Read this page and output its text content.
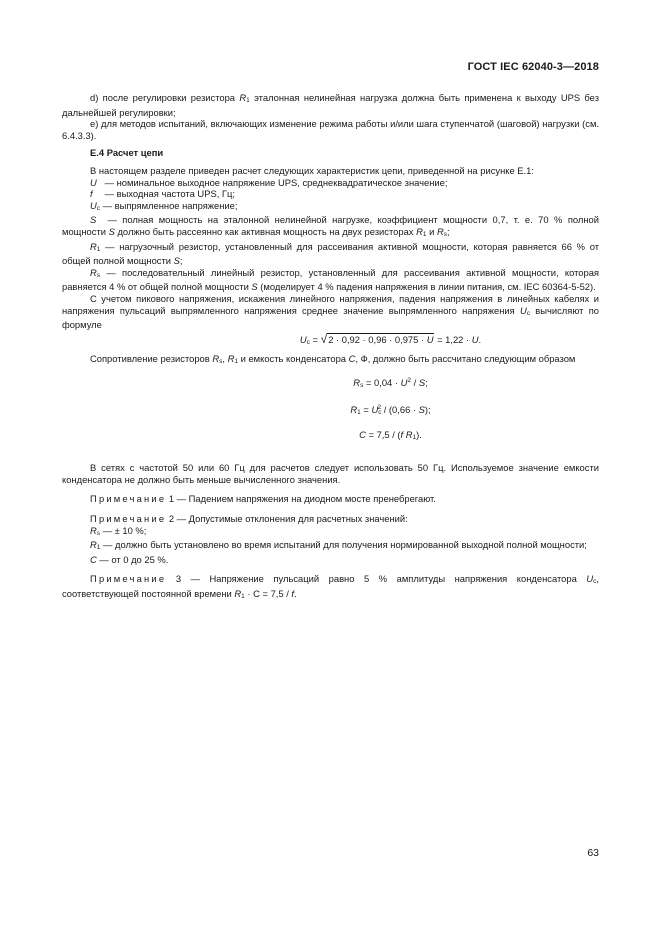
ГОСТ IEC 62040-3—2018

d) после регулировки резистора R1 эталонная нелинейная нагрузка должна быть применена к выходу UPS без дальнейшей регулировки;

е) для методов испытаний, включающих изменение режима работы и/или шага ступенчатой (шаговой) нагрузки (см. 6.4.3.3).

E.4 Расчет цепи

В настоящем разделе приведен расчет следующих характеристик цепи, приведенной на рисунке Е.1:

U — номинальное выходное напряжение UPS, среднеквадратическое значение;

f — выходная частота UPS, Гц;

Uc — выпрямленное напряжение;

S — полная мощность на эталонной нелинейной нагрузке, коэффициент мощности 0,7, т. е. 70 % полной мощности S должно быть рассеянно как активная мощность на двух резисторах R1 и Rs;

R1 — нагрузочный резистор, установленный для рассеивания активной мощности, которая равняется 66 % от общей полной мощности S;

Rs — последовательный линейный резистор, установленный для рассеивания активной мощности, которая равняется 4 % от общей полной мощности S (моделирует 4 % падения напряжения в линии питания, см. IEC 60364-5-52).

С учетом пикового напряжения, искажения линейного напряжения, падения напряжения в линейных кабелях и напряжения пульсаций выпрямленного напряжения среднее значение выпрямленного напряжения Uc вычисляют по формуле

Uc = √2 · 0,92 · 0,96 · 0,975 · U = 1,22 · U.

Сопротивление резисторов Rs, R1 и емкость конденсатора C, Ф, должно быть рассчитано следующим образом

$Rs = 0,04 \cdot U^2 / S$;
$R1 = Uc^2 / (0,66 \cdot S)$;
C = 7,5 / (f R1).

В сетях с частотой 50 или 60 Гц для расчетов следует использовать 50 Гц. Используемое значение емкости конденсатора не должно быть меньше вычисленного значения.

Примечание 1 — Падением напряжения на диодном мосте пренебрегают.

Примечание 2 — Допустимые отклонения для расчетных значений:

Rs — ± 10 %;

R1 — должно быть установлено во время испытаний для получения нормированной выходной полной мощности;

C — от 0 до 25 %.

Примечание 3 — Напряжение пульсаций равно 5 % амплитуды напряжения конденсатора Uc, соответствующей постоянной времени R1 · C = 7,5 / f.

63
